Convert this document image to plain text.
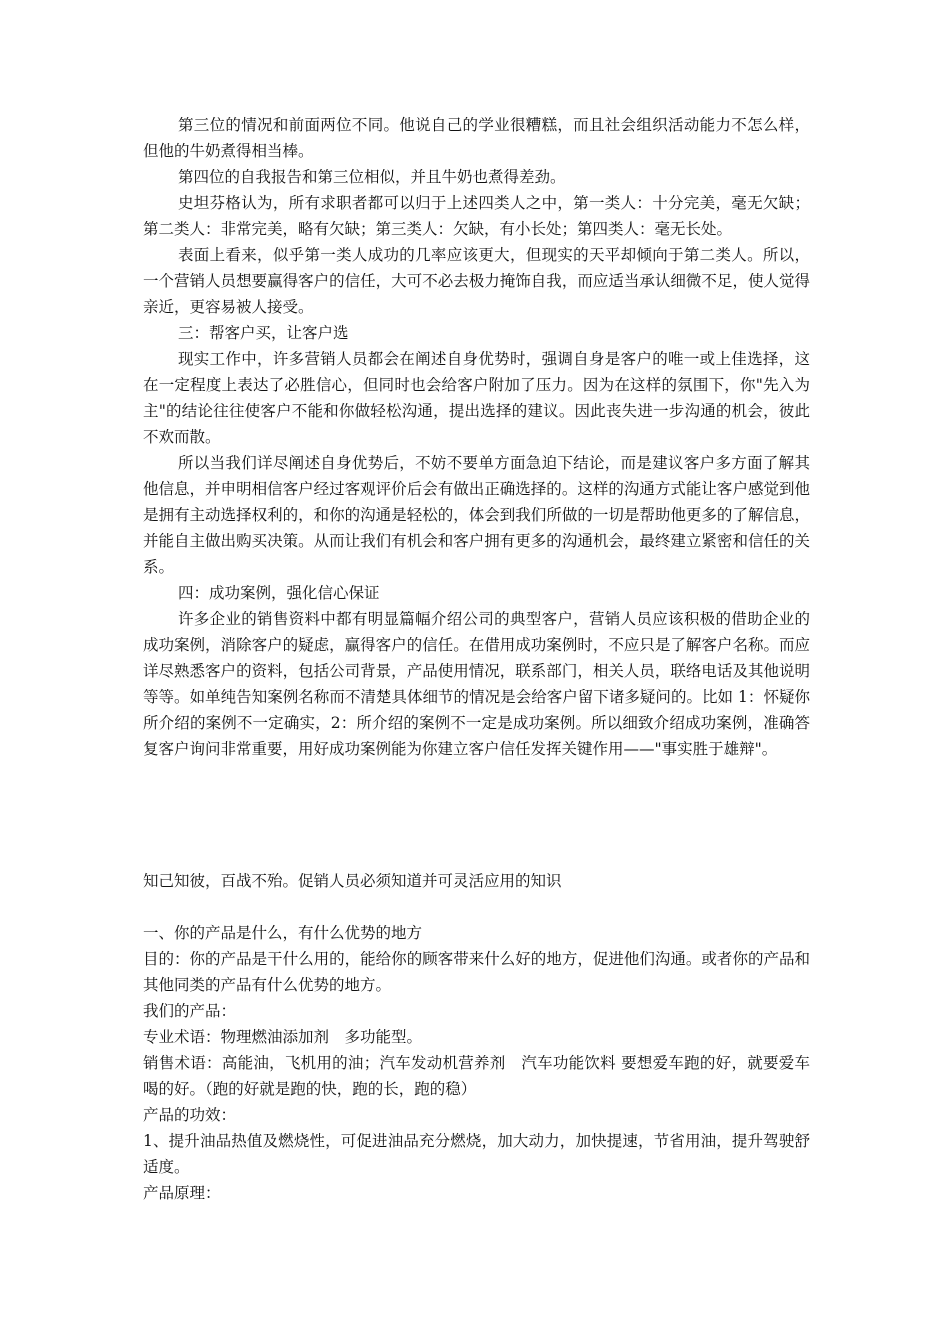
第三位的情况和前面两位不同。他说自己的学业很糟糕，而且社会组织活动能力不怎么样，但他的牛奶煮得相当棒。

第四位的自我报告和第三位相似，并且牛奶也煮得差劲。

史坦芬格认为，所有求职者都可以归于上述四类人之中，第一类人：十分完美，毫无欠缺；第二类人：非常完美，略有欠缺；第三类人：欠缺，有小长处；第四类人：毫无长处。

表面上看来，似乎第一类人成功的几率应该更大，但现实的天平却倾向于第二类人。所以，一个营销人员想要赢得客户的信任，大可不必去极力掩饰自我，而应适当承认细微不足，使人觉得亲近，更容易被人接受。

三：帮客户买，让客户选

现实工作中，许多营销人员都会在阐述自身优势时，强调自身是客户的唯一或上佳选择，这在一定程度上表达了必胜信心，但同时也会给客户附加了压力。因为在这样的氛围下，你"先入为主"的结论往往使客户不能和你做轻松沟通，提出选择的建议。因此丧失进一步沟通的机会，彼此不欢而散。

所以当我们详尽阐述自身优势后，不妨不要单方面急迫下结论，而是建议客户多方面了解其他信息，并申明相信客户经过客观评价后会有做出正确选择的。这样的沟通方式能让客户感觉到他是拥有主动选择权利的，和你的沟通是轻松的，体会到我们所做的一切是帮助他更多的了解信息，并能自主做出购买决策。从而让我们有机会和客户拥有更多的沟通机会，最终建立紧密和信任的关系。

四：成功案例，强化信心保证

许多企业的销售资料中都有明显篇幅介绍公司的典型客户，营销人员应该积极的借助企业的成功案例，消除客户的疑虑，赢得客户的信任。在借用成功案例时，不应只是了解客户名称。而应详尽熟悉客户的资料，包括公司背景，产品使用情况，联系部门，相关人员，联络电话及其他说明等等。如单纯告知案例名称而不清楚具体细节的情况是会给客户留下诸多疑问的。比如 1：怀疑你所介绍的案例不一定确实，2：所介绍的案例不一定是成功案例。所以细致介绍成功案例，准确答复客户询问非常重要，用好成功案例能为你建立客户信任发挥关键作用——"事实胜于雄辩"。

知己知彼，百战不殆。促销人员必须知道并可灵活应用的知识

一、你的产品是什么，有什么优势的地方

目的：你的产品是干什么用的，能给你的顾客带来什么好的地方，促进他们沟通。或者你的产品和其他同类的产品有什么优势的地方。

我们的产品：

专业术语：物理燃油添加剂　多功能型。

销售术语：高能油，飞机用的油；汽车发动机营养剂　汽车功能饮料 要想爱车跑的好，就要爱车喝的好。（跑的好就是跑的快，跑的长，跑的稳）

产品的功效：

1、提升油品热值及燃烧性，可促进油品充分燃烧，加大动力，加快提速，节省用油，提升驾驶舒适度。

产品原理：
